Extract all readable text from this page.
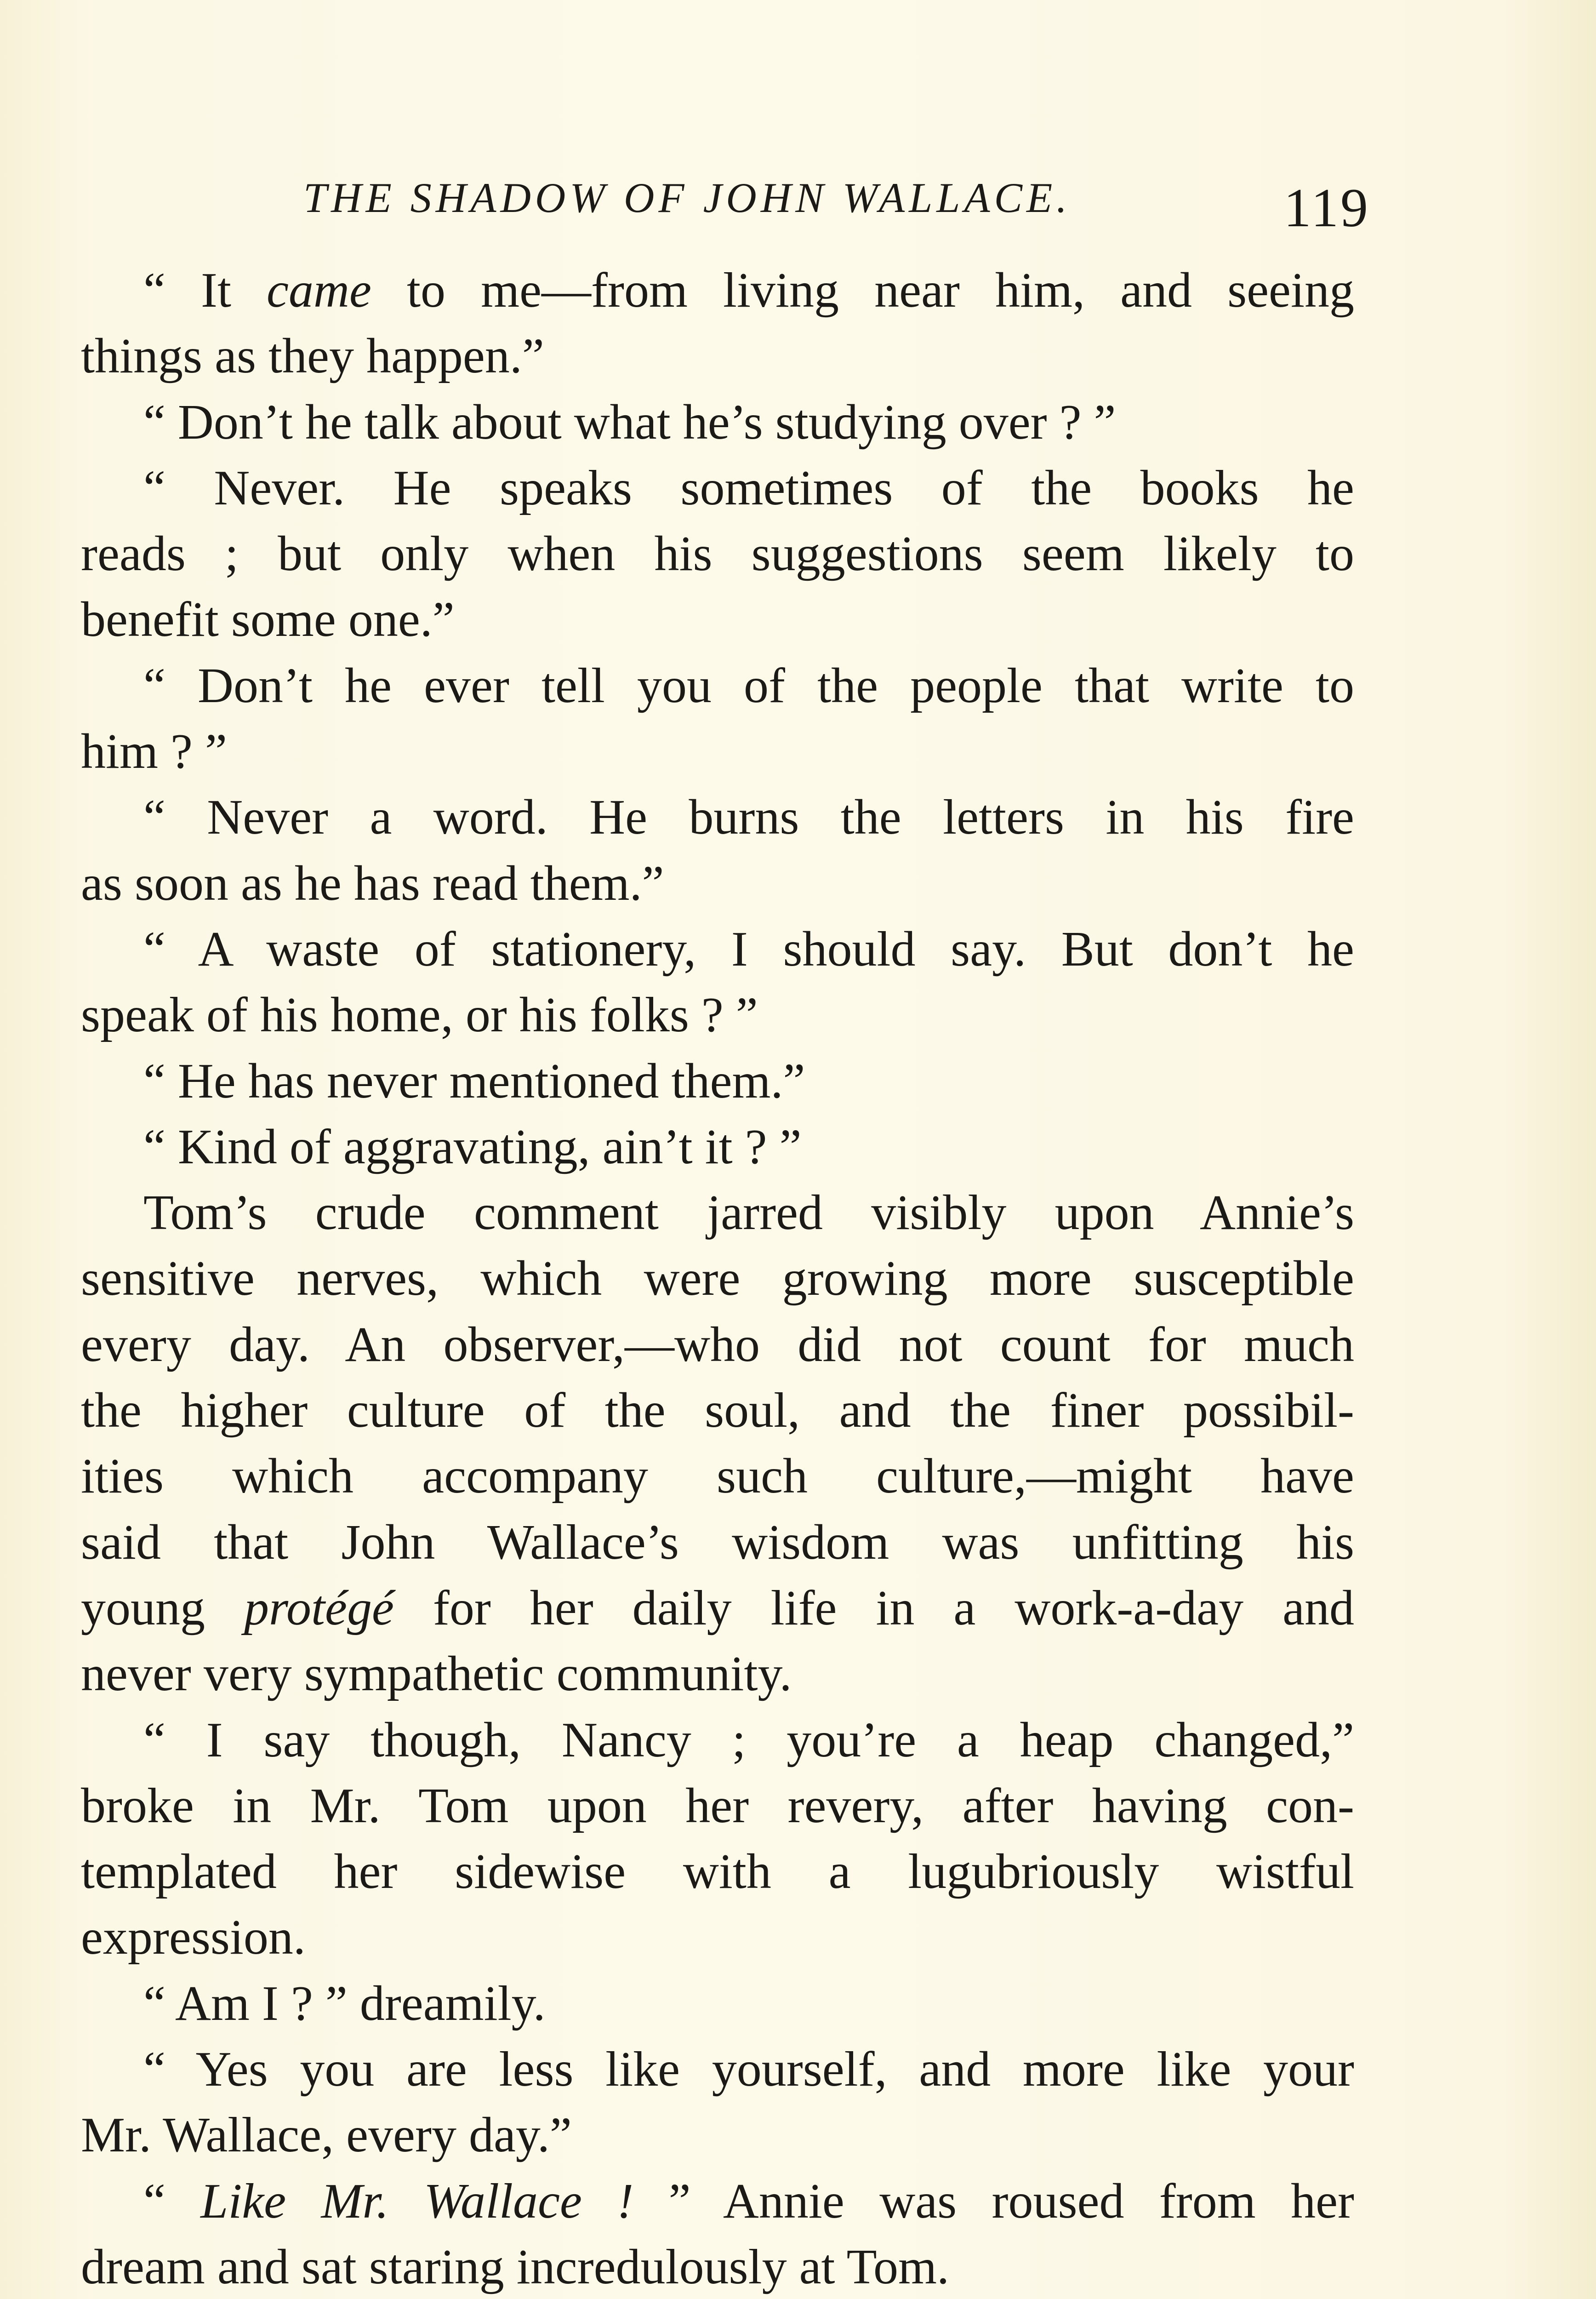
THE SHADOW OF JOHN WALLACE.	119
“ It came to me—from living near him, and seeing
things as they happen.”
“ Don’t he talk about what he’s studying over ? ”
“ Never. He speaks sometimes of the books he
reads ; but only when his suggestions seem likely to
benefit some one.”
“ Don’t he ever tell you of the people that write to
him ? ”
“ Never a word. He burns the letters in his fire
as soon as he has read them.”
“ A waste of stationery, I should say. But don’t he
speak of his home, or his folks ? ”
“ He has never mentioned them.”
“ Kind of aggravating, ain’t it ? ”
Tom’s crude comment jarred visibly upon Annie’s
sensitive nerves, which were growing more susceptible
every day. An observer,—who did not count for much
the higher culture of the soul, and the finer possibil-
ities which accompany such culture,—might have
said that John Wallace’s wisdom was unfitting his
young protégé for her daily life in a work-a-day and
never very sympathetic community.
“ I say though, Nancy ; you’re a heap changed,”
broke in Mr. Tom upon her revery, after having con-
templated her sidewise with a lugubriously wistful
expression.
“ Am I ? ” dreamily.
“ Yes you are less like yourself, and more like your
Mr. Wallace, every day.”
“ Like Mr. Wallace ! ” Annie was roused from her
dream and sat staring incredulously at Tom.
